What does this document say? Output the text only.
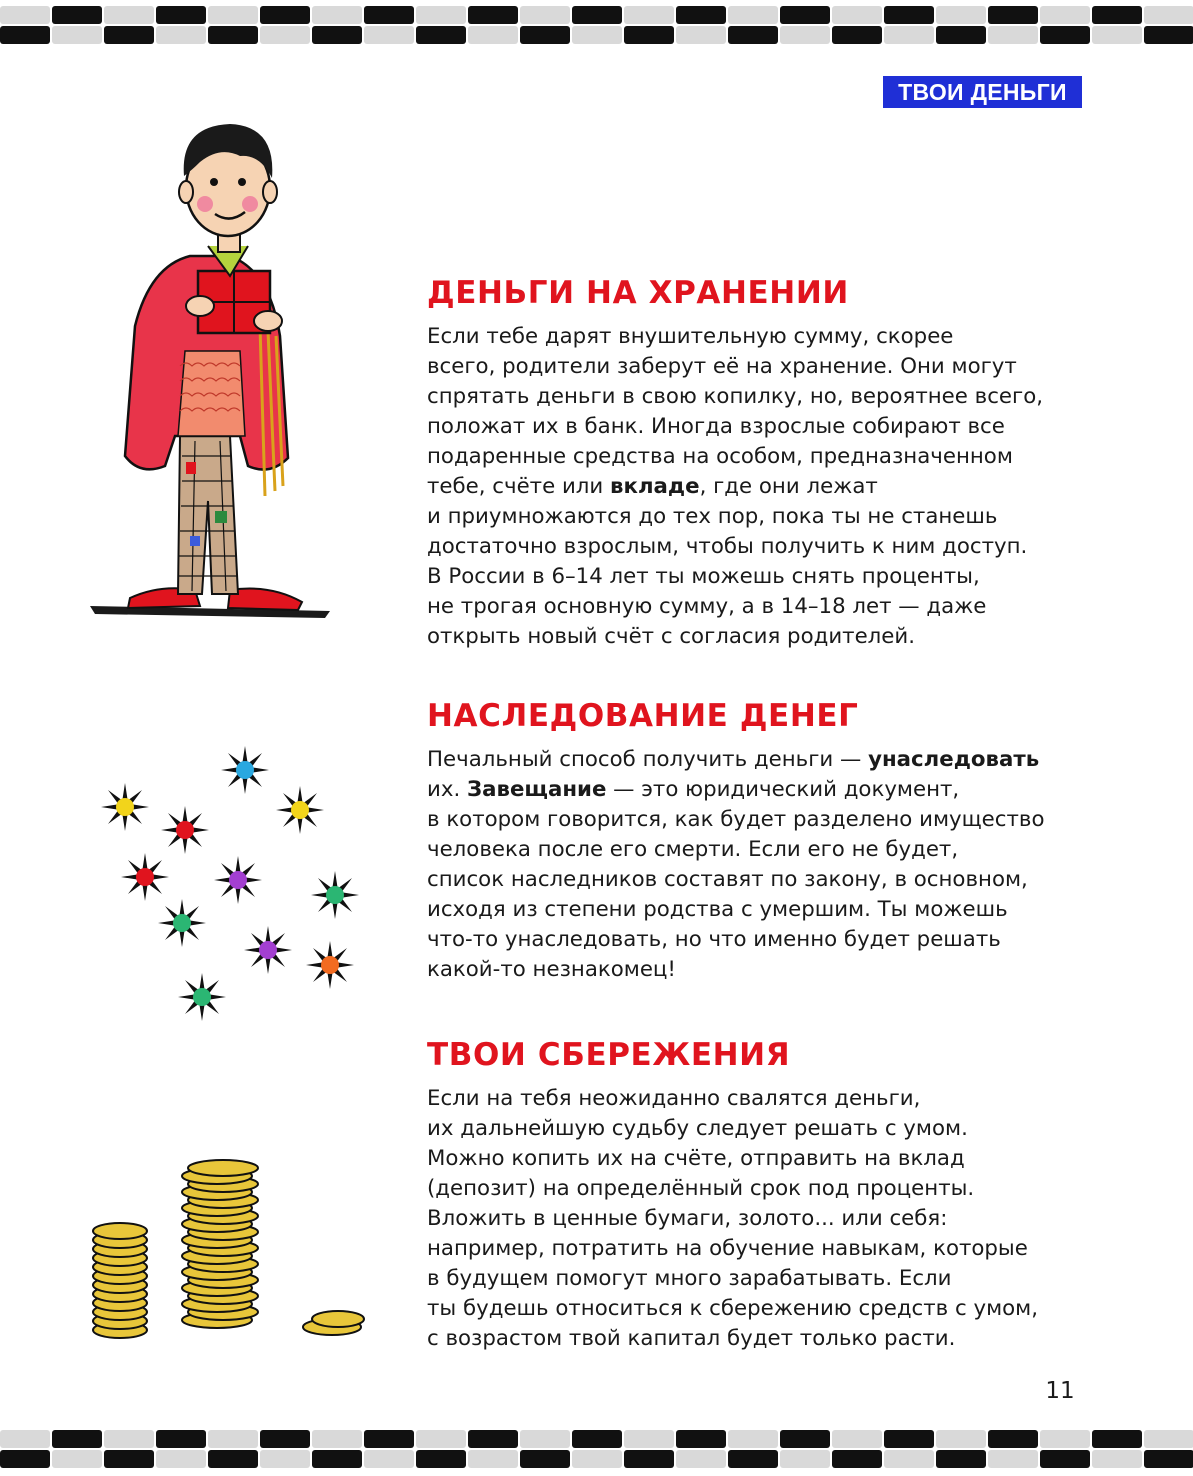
ТВОИ ДЕНЬГИ
ДЕНЬГИ НА ХРАНЕНИИ
Если тебе дарят внушительную сумму, скорее
всего, родители заберут её на хранение. Они могут
спрятать деньги в свою копилку, но, вероятнее всего,
положат их в банк. Иногда взрослые собирают все
подаренные средства на особом, предназначенном
тебе, счёте или вкладе, где они лежат
и приумножаются до тех пор, пока ты не станешь
достаточно взрослым, чтобы получить к ним доступ.
В России в 6–14 лет ты можешь снять проценты,
не трогая основную сумму, а в 14–18 лет — даже
открыть новый счёт с согласия родителей.
НАСЛЕДОВАНИЕ ДЕНЕГ
Печальный способ получить деньги — унаследовать
их. Завещание — это юридический документ,
в котором говорится, как будет разделено имущество
человека после его смерти. Если его не будет,
список наследников составят по закону, в основном,
исходя из степени родства с умершим. Ты можешь
что-то унаследовать, но что именно будет решать
какой-то незнакомец!
ТВОИ СБЕРЕЖЕНИЯ
Если на тебя неожиданно свалятся деньги,
их дальнейшую судьбу следует решать с умом.
Можно копить их на счёте, отправить на вклад
(депозит) на определённый срок под проценты.
Вложить в ценные бумаги, золото... или себя:
например, потратить на обучение навыкам, которые
в будущем помогут много зарабатывать. Если
ты будешь относиться к сбережению средств с умом,
с возрастом твой капитал будет только расти.
11
